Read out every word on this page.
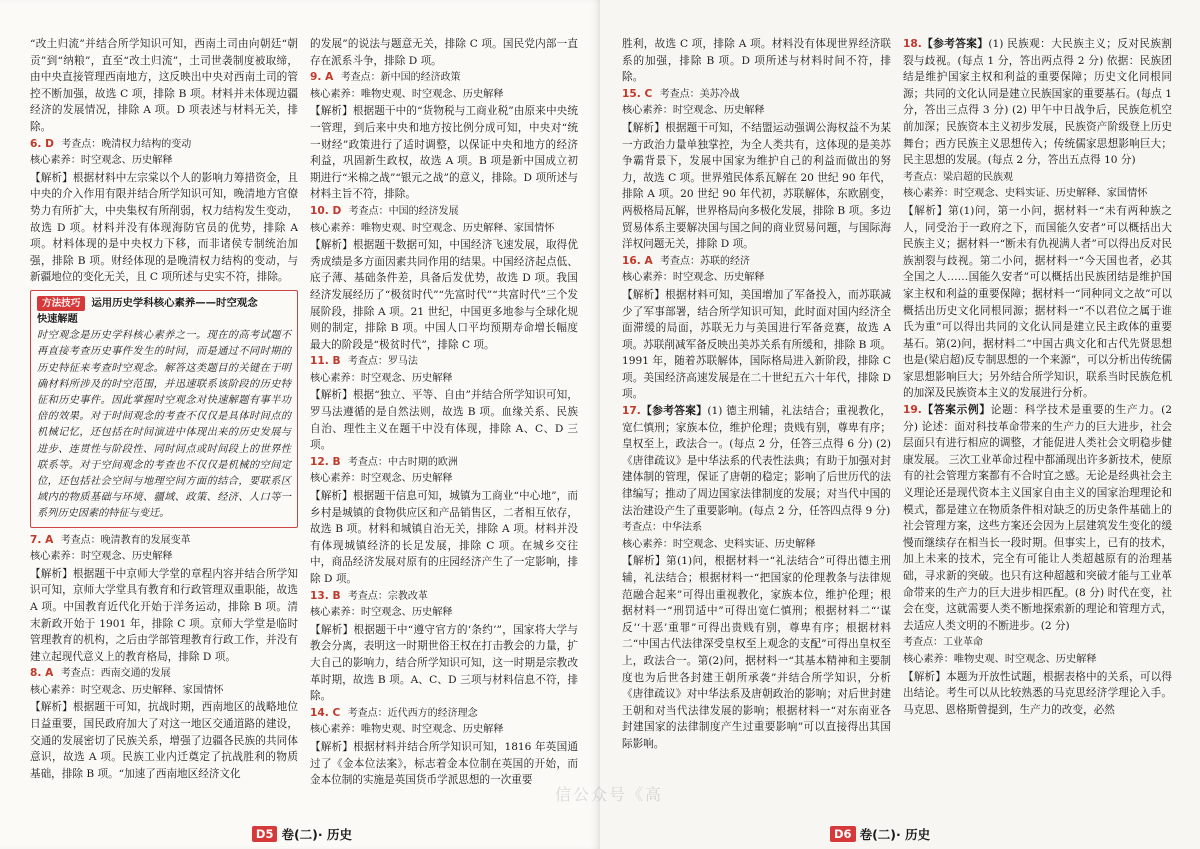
“改土归流”并结合所学知识可知，西南土司由向朝廷“朝贡”到“纳粮”，直至“改土归流”，土司世袭制度被取缔，由中央直接管理西南地方，这反映出中央对西南土司的管控不断加强，故选 C 项，排除 B 项。材料并未体现边疆经济的发展情况，排除 A 项。D 项表述与材料无关，排除。

6. D 考查点：晚清权力结构的变动

核心素养：时空观念、历史解释

【解析】根据材料中左宗棠以个人的影响力筹措资金，且中央的介入作用有限并结合所学知识可知，晚清地方官僚势力有所扩大，中央集权有所削弱，权力结构发生变动，故选 D 项。材料并没有体现海防官员的优势，排除 A 项。材料体现的是中央权力下移，而非诸侯专制统治加强，排除 B 项。财经体现的是晚清权力结构的变动，与新疆地位的变化无关，且 C 项所述与史实不符，排除。

方法技巧	运用历史学科核心素养——时空观念

快速解题

时空观念是历史学科核心素养之一。现在的高考试题不再直接考查历史事件发生的时间，而是通过不同时期的历史特征来考查时空观念。解答这类题目的关键在于明确材料所涉及的时空范围，并迅速联系该阶段的历史特征和历史事件。因此掌握时空观念对快速解题有事半功倍的效果。对于时间观念的考查不仅仅是具体时间点的机械记忆，还包括在时间演进中体现出来的历史发展与进步、连贯性与阶段性、同时间点或时间段上的世界性联系等。对于空间观念的考查也不仅仅是机械的空间定位，还包括社会空间与地理空间方面的结合，要联系区域内的物质基础与环境、疆域、政策、经济、人口等一系列历史因素的特征与变迁。

7. A 考查点：晚清教育的发展变革

核心素养：时空观念、历史解释

【解析】根据题干中京师大学堂的章程内容并结合所学知识可知，京师大学堂具有教育和行政管理双重职能，故选 A 项。中国教育近代化开始于洋务运动，排除 B 项。清末新政开始于 1901 年，排除 C 项。京师大学堂是临时管理教育的机构，之后由学部管理教育行政工作，并没有建立起现代意义上的教育格局，排除 D 项。

8. A 考查点：西南交通的发展

核心素养：时空观念、历史解释、家国情怀

【解析】根据题干可知，抗战时期，西南地区的战略地位日益重要，国民政府加大了对这一地区交通道路的建设，交通的发展密切了民族关系，增强了边疆各民族的共同体意识，故选 A 项。民族工业内迁奠定了抗战胜利的物质基础，排除 B 项。“加速了西南地区经济文化

的发展”的说法与题意无关，排除 C 项。国民党内部一直存在派系斗争，排除 D 项。

9. A 考查点：新中国的经济政策

核心素养：唯物史观、时空观念、历史解释

【解析】根据题干中的“货物税与工商业税”由原来中央统一管理，到后来中央和地方按比例分成可知，中央对“统一财经”政策进行了适时调整，以保证中央和地方的经济利益，巩固新生政权，故选 A 项。B 项是新中国成立初期进行“米棉之战”“银元之战”的意义，排除。D 项所述与材料主旨不符，排除。

10. D 考查点：中国的经济发展

核心素养：唯物史观、时空观念、历史解释、家国情怀

【解析】根据题干数据可知，中国经济飞速发展，取得优秀成绩是多方面因素共同作用的结果。中国经济起点低、底子薄、基础条件差，具备后发优势，故选 D 项。我国经济发展经历了“极贫时代”“先富时代”“共富时代”三个发展阶段，排除 A 项。21 世纪，中国更多地参与全球化规则的制定，排除 B 项。中国人口平均预期寿命增长幅度最大的阶段是“极贫时代”，排除 C 项。

11. B 考查点：罗马法

核心素养：时空观念、历史解释

【解析】根据“独立、平等、自由”并结合所学知识可知，罗马法遵循的是自然法则，故选 B 项。血缘关系、民族自治、理性主义在题干中没有体现，排除 A、C、D 三项。

12. B 考查点：中古时期的欧洲

核心素养：时空观念、历史解释

【解析】根据题干信息可知，城镇为工商业“中心地”，而乡村是城镇的食物供应区和产品销售区，二者相互依存，故选 B 项。材料和城镇自治无关，排除 A 项。材料并没有体现城镇经济的长足发展，排除 C 项。在城乡交往中，商品经济发展对原有的庄园经济产生了一定影响，排除 D 项。

13. B 考查点：宗教改革

核心素养：时空观念、历史解释

【解析】根据题干中“遵守官方的‘条约’”，国家将大学与教会分离，表明这一时期世俗王权在打击教会的力量，扩大自己的影响力，结合所学知识可知，这一时期是宗教改革时期，故选 B 项。A、C、D 三项与材料信息不符，排除。

14. C 考查点：近代西方的经济理念

核心素养：唯物史观、时空观念、历史解释

【解析】根据材料并结合所学知识可知，1816 年英国通过了《金本位法案》，标志着金本位制在英国的开始，而金本位制的实施是英国货币学派思想的一次重要

D5 卷(二)· 历史

胜利，故选 C 项，排除 A 项。材料没有体现世界经济联系的加强，排除 B 项。D 项所述与材料时间不符，排除。

15. C 考查点：美苏冷战

核心素养：时空观念、历史解释

【解析】根据题干可知，不结盟运动强调公海权益不为某一方政治力量单独掌控，为全人类共有，这体现的是美苏争霸背景下，发展中国家为维护自己的利益而做出的努力，故选 C 项。世界殖民体系瓦解在 20 世纪 90 年代，排除 A 项。20 世纪 90 年代初，苏联解体，东欧剧变，两极格局瓦解，世界格局向多极化发展，排除 B 项。多边贸易体系主要解决国与国之间的商业贸易问题，与国际海洋权问题无关，排除 D 项。

16. A 考查点：苏联的经济

核心素养：时空观念、历史解释

【解析】根据材料可知，美国增加了军备投入，而苏联减少了军事部署，结合所学知识可知，此时面对国内经济全面滞缓的局面，苏联无力与美国进行军备竞赛，故选 A 项。苏联削减军备反映出美苏关系有所缓和，排除 B 项。1991 年，随着苏联解体，国际格局进入新阶段，排除 C 项。美国经济高速发展是在二十世纪五六十年代，排除 D 项。

17.【参考答案】(1) 德主刑辅，礼法结合；重视教化，宽仁慎刑；家族本位，维护伦理；贵贱有别，尊卑有序；皇权至上，政法合一。(每点 2 分，任答三点得 6 分) (2)《唐律疏议》是中华法系的代表性法典；有助于加强对封建体制的管理，保证了唐朝的稳定；影响了后世历代的法律编写；推动了周边国家法律制度的发展；对当代中国的法治建设产生了重要影响。(每点 2 分，任答四点得 9 分)

考查点：中华法系

核心素养：时空观念、史料实证、历史解释

【解析】第(1)问，根据材料一“礼法结合”可得出德主刑辅，礼法结合；根据材料一“把国家的伦理教条与法律规范融合起来”可得出重视教化，家族本位，维护伦理；根据材料一“刑罚适中”可得出宽仁慎刑；根据材料二“‘谋反’‘十恶’重罪”可得出贵贱有别，尊卑有序；根据材料二“中国古代法律深受皇权至上观念的支配”可得出皇权至上，政法合一。第(2)问，据材料一“其基本精神和主要制度也为后世各封建王朝所承袭”并结合所学知识，分析《唐律疏议》对中华法系及唐朝政治的影响；对后世封建王朝和对当代法律发展的影响；根据材料一“对东南亚各封建国家的法律制度产生过重要影响”可以直接得出其国际影响。

18.【参考答案】(1) 民族观：大民族主义；反对民族割裂与歧视。(每点 1 分，答出两点得 2 分) 依据：民族团结是维护国家主权和利益的重要保障；历史文化同根同源；共同的文化认同是建立民族国家的重要基石。(每点 1 分，答出三点得 3 分) (2) 甲午中日战争后，民族危机空前加深；民族资本主义初步发展，民族资产阶级登上历史舞台；西方民族主义思想传入；传统儒家思想影响巨大；民主思想的发展。(每点 2 分，答出五点得 10 分)

考查点：梁启超的民族观

核心素养：时空观念、史料实证、历史解释、家国情怀

【解析】第(1)问，第一小问，据材料一“未有两种族之人，同受治于一政府之下，而国能久安者”可以概括出大民族主义；据材料一“断未有仇视满人者”可以得出反对民族割裂与歧视。第二小问，据材料一“今天国也者，必其全国之人……国能久安者”可以概括出民族团结是维护国家主权和利益的重要保障；据材料一“同种同文之故”可以概括出历史文化同根同源；据材料一“不以君位之属于谁氏为重”可以得出共同的文化认同是建立民主政体的重要基石。第(2)问，据材料二“中国古典文化和古代先贤思想也是(梁启超)反专制思想的一个来源”，可以分析出传统儒家思想影响巨大；另外结合所学知识，联系当时民族危机的加深及民族资本主义的发展进行分析。

19.【答案示例】论题：科学技术是重要的生产力。(2 分) 论述：面对科技革命带来的生产力的巨大进步，社会层面只有进行相应的调整，才能促进人类社会文明稳步健康发展。 三次工业革命过程中都涌现出许多新技术，使原有的社会管理方案都有不合时宜之感。无论是经典社会主义理论还是现代资本主义国家自由主义的国家治理理论和模式，都是建立在物质条件相对缺乏的历史条件基础上的社会管理方案，这些方案还会因为上层建筑发生变化的缓慢而继续存在相当长一段时期。但事实上，已有的技术，加上未来的技术，完全有可能让人类超越原有的治理基础，寻求新的突破。也只有这种超越和突破才能与工业革命带来的生产力的巨大进步相匹配。(8 分) 时代在变，社会在变，这就需要人类不断地探索新的理论和管理方式，去适应人类文明的不断进步。(2 分)

考查点：工业革命

核心素养：唯物史观、时空观念、历史解释

【解析】本题为开放性试题，根据表格中的关系，可以得出结论。考生可以从比较熟悉的马克思经济学理论入手。马克思、恩格斯曾提到，生产力的改变，必然

D6 卷(二)· 历史
信公众号《高
